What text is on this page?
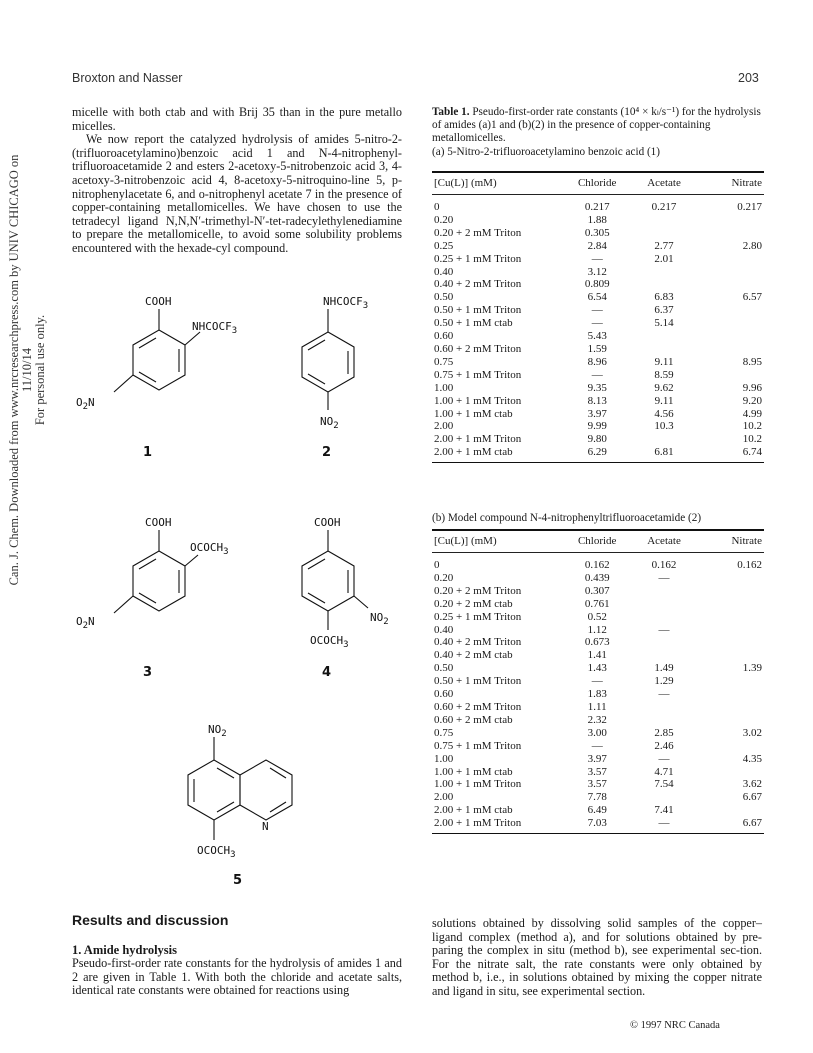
Broxton and Nasser	203
Can. J. Chem. Downloaded from www.nrcresearchpress.com by UNIV CHICAGO on 11/10/14 For personal use only.

micelle with both ctab and with Brij 35 than in the pure metallo micelles.

We now report the catalyzed hydrolysis of amides 5-nitro-2-(trifluoroacetylamino)benzoic acid 1 and N-4-nitrophenyl-trifluoroacetamide 2 and esters 2-acetoxy-5-nitrobenzoic acid 3, 4-acetoxy-3-nitrobenzoic acid 4, 8-acetoxy-5-nitroquino-line 5, p-nitrophenylacetate 6, and o-nitrophenyl acetate 7 in the presence of copper-containing metallomicelles. We have chosen to use the tetradecyl ligand N,N,N′-trimethyl-N′-tet-radecylethylenediamine to prepare the metallomicelle, to avoid some solubility problems encountered with the hexade-cyl compound.

COOH
$NHCOCF_3$
$O_2N$
1
$NHCOCF_3$
$NO_2$
2
COOH
$OCOCH_3$
$O_2N$
3
COOH
$NO_2$
$OCOCH_3$
4
$NO_2$
N
$OCOCH_3$
5
Table 1. Pseudo-first-order rate constants (10⁴ × kₗ/s⁻¹) for the hydrolysis of amides (a)1 and (b)(2) in the presence of copper-containing metallomicelles.
(a) 5-Nitro-2-trifluoroacetylamino benzoic acid (1)
[Cu(L)] (mM)	Chloride	Acetate	Nitrate
0	0.217	0.217	0.217
0.20	1.88		
0.20 + 2 mM Triton	0.305		
0.25	2.84	2.77	2.80
0.25 + 1 mM Triton	—	2.01	
0.40	3.12		
0.40 + 2 mM Triton	0.809		
0.50	6.54	6.83	6.57
0.50 + 1 mM Triton	—	6.37	
0.50 + 1 mM ctab	—	5.14	
0.60	5.43		
0.60 + 2 mM Triton	1.59		
0.75	8.96	9.11	8.95
0.75 + 1 mM Triton	—	8.59	
1.00	9.35	9.62	9.96
1.00 + 1 mM Triton	8.13	9.11	9.20
1.00 + 1 mM ctab	3.97	4.56	4.99
2.00	9.99	10.3	10.2
2.00 + 1 mM Triton	9.80		10.2
2.00 + 1 mM ctab	6.29	6.81	6.74
(b) Model compound N-4-nitrophenyltrifluoroacetamide (2)
[Cu(L)] (mM)	Chloride	Acetate	Nitrate
0	0.162	0.162	0.162
0.20	0.439	—	
0.20 + 2 mM Triton	0.307		
0.20 + 2 mM ctab	0.761		
0.25 + 1 mM Triton	0.52		
0.40	1.12	—	
0.40 + 2 mM Triton	0.673		
0.40 + 2 mM ctab	1.41		
0.50	1.43	1.49	1.39
0.50 + 1 mM Triton	—	1.29	
0.60	1.83	—	
0.60 + 2 mM Triton	1.11		
0.60 + 2 mM ctab	2.32		
0.75	3.00	2.85	3.02
0.75 + 1 mM Triton	—	2.46	
1.00	3.97	—	4.35
1.00 + 1 mM ctab	3.57	4.71	
1.00 + 1 mM Triton	3.57	7.54	3.62
2.00	7.78		6.67
2.00 + 1 mM ctab	6.49	7.41	
2.00 + 1 mM Triton	7.03	—	6.67
Results and discussion
1. Amide hydrolysis
Pseudo-first-order rate constants for the hydrolysis of amides 1 and 2 are given in Table 1. With both the chloride and acetate salts, identical rate constants were obtained for reactions using
solutions obtained by dissolving solid samples of the copper–ligand complex (method a), and for solutions obtained by pre-paring the complex in situ (method b), see experimental sec-tion. For the nitrate salt, the rate constants were only obtained by method b, i.e., in solutions obtained by mixing the copper nitrate and ligand in situ, see experimental section.
© 1997 NRC Canada
